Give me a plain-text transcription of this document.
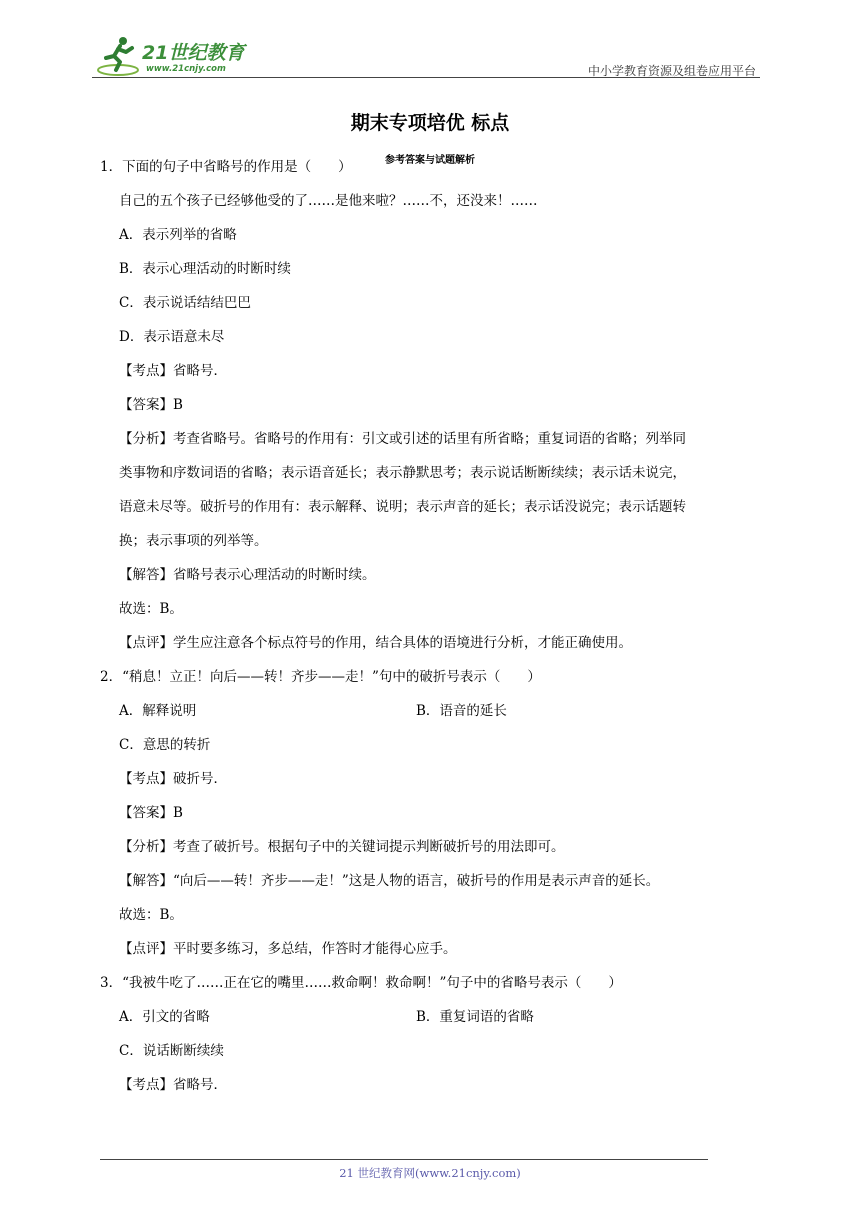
21世纪教育
www.21cnjy.com	中小学教育资源及组卷应用平台
期末专项培优 标点
参考答案与试题解析
1．下面的句子中省略号的作用是（　　）
自己的五个孩子已经够他受的了……是他来啦？……不，还没来！……
A．表示列举的省略
B．表示心理活动的时断时续
C．表示说话结结巴巴
D．表示语意未尽
【考点】省略号．
【答案】B
【分析】考查省略号。省略号的作用有：引文或引述的话里有所省略；重复词语的省略；列举同
类事物和序数词语的省略；表示语音延长；表示静默思考；表示说话断断续续；表示话未说完，
语意未尽等。破折号的作用有：表示解释、说明；表示声音的延长；表示话没说完；表示话题转
换；表示事项的列举等。
【解答】省略号表示心理活动的时断时续。
故选：B。
【点评】学生应注意各个标点符号的作用，结合具体的语境进行分析，才能正确使用。
2．“稍息！立正！向后——转！齐步——走！”句中的破折号表示（　　）
A．解释说明	B．语音的延长
C．意思的转折
【考点】破折号．
【答案】B
【分析】考查了破折号。根据句子中的关键词提示判断破折号的用法即可。
【解答】“向后——转！齐步——走！”这是人物的语言，破折号的作用是表示声音的延长。
故选：B。
【点评】平时要多练习，多总结，作答时才能得心应手。
3．“我被牛吃了……正在它的嘴里……救命啊！救命啊！”句子中的省略号表示（　　）
A．引文的省略	B．重复词语的省略
C．说话断断续续
【考点】省略号．
21 世纪教育网(www.21cnjy.com)
